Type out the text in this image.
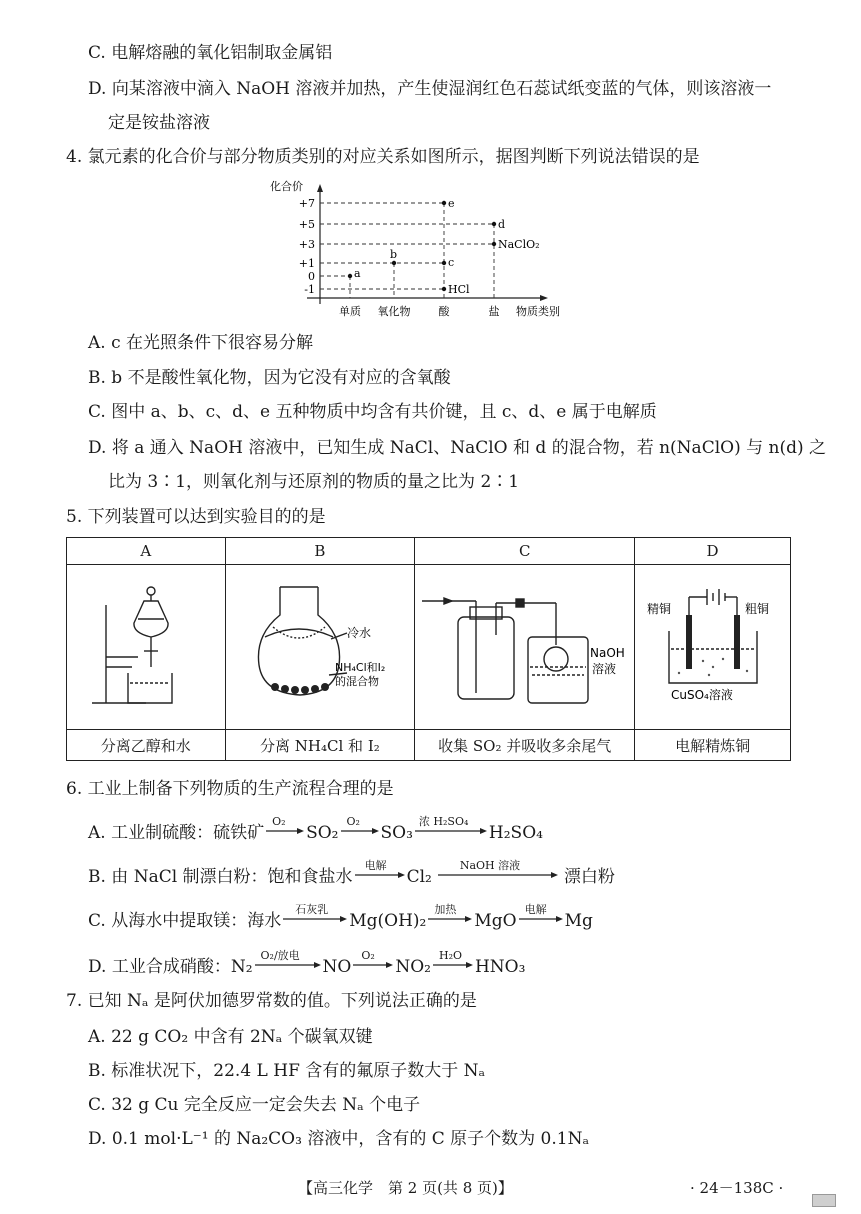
C. 电解熔融的氧化铝制取金属铝
D. 向某溶液中滴入 NaOH 溶液并加热，产生使湿润红色石蕊试纸变蓝的气体，则该溶液一
定是铵盐溶液
4. 氯元素的化合价与部分物质类别的对应关系如图所示，据图判断下列说法错误的是
化合价
+7
+5
+3
+1
0
-1
a
b
c
d
e
HCl
NaClO₂
单质 氧化物	酸	盐 物质类别
A. c 在光照条件下很容易分解
B. b 不是酸性氧化物，因为它没有对应的含氧酸
C. 图中 a、b、c、d、e 五种物质中均含有共价键，且 c、d、e 属于电解质
D. 将 a 通入 NaOH 溶液中，已知生成 NaCl、NaClO 和 d 的混合物，若 n(NaClO) 与 n(d) 之
比为 3∶1，则氧化剂与还原剂的物质的量之比为 2∶1
5. 下列装置可以达到实验目的的是
A	B	C	D

冷水
NH₄Cl和I₂
的混合物	NaOH
溶液	精铜 粗铜
CuSO₄溶液

分离乙醇和水	分离 NH₄Cl 和 I₂	收集 SO₂ 并吸收多余尾气	电解精炼铜
6. 工业上制备下列物质的生产流程合理的是
A. 工业制硫酸：硫铁矿
O₂
SO₂
O₂
SO₃
浓 H₂SO₄
H₂SO₄
B. 由 NaCl 制漂白粉：饱和食盐水
电解
Cl₂
NaOH 溶液
漂白粉
C. 从海水中提取镁：海水
石灰乳
Mg(OH)₂
加热
MgO
电解
Mg
D. 工业合成硝酸：N₂
O₂/放电
NO
O₂
NO₂
H₂O
HNO₃
7. 已知 Nₐ 是阿伏加德罗常数的值。下列说法正确的是
A. 22 g CO₂ 中含有 2Nₐ 个碳氧双键
B. 标准状况下，22.4 L HF 含有的氟原子数大于 Nₐ
C. 32 g Cu 完全反应一定会失去 Nₐ 个电子
D. 0.1 mol·L⁻¹ 的 Na₂CO₃ 溶液中，含有的 C 原子个数为 0.1Nₐ
【高三化学　第 2 页(共 8 页)】	· 24－138C ·
